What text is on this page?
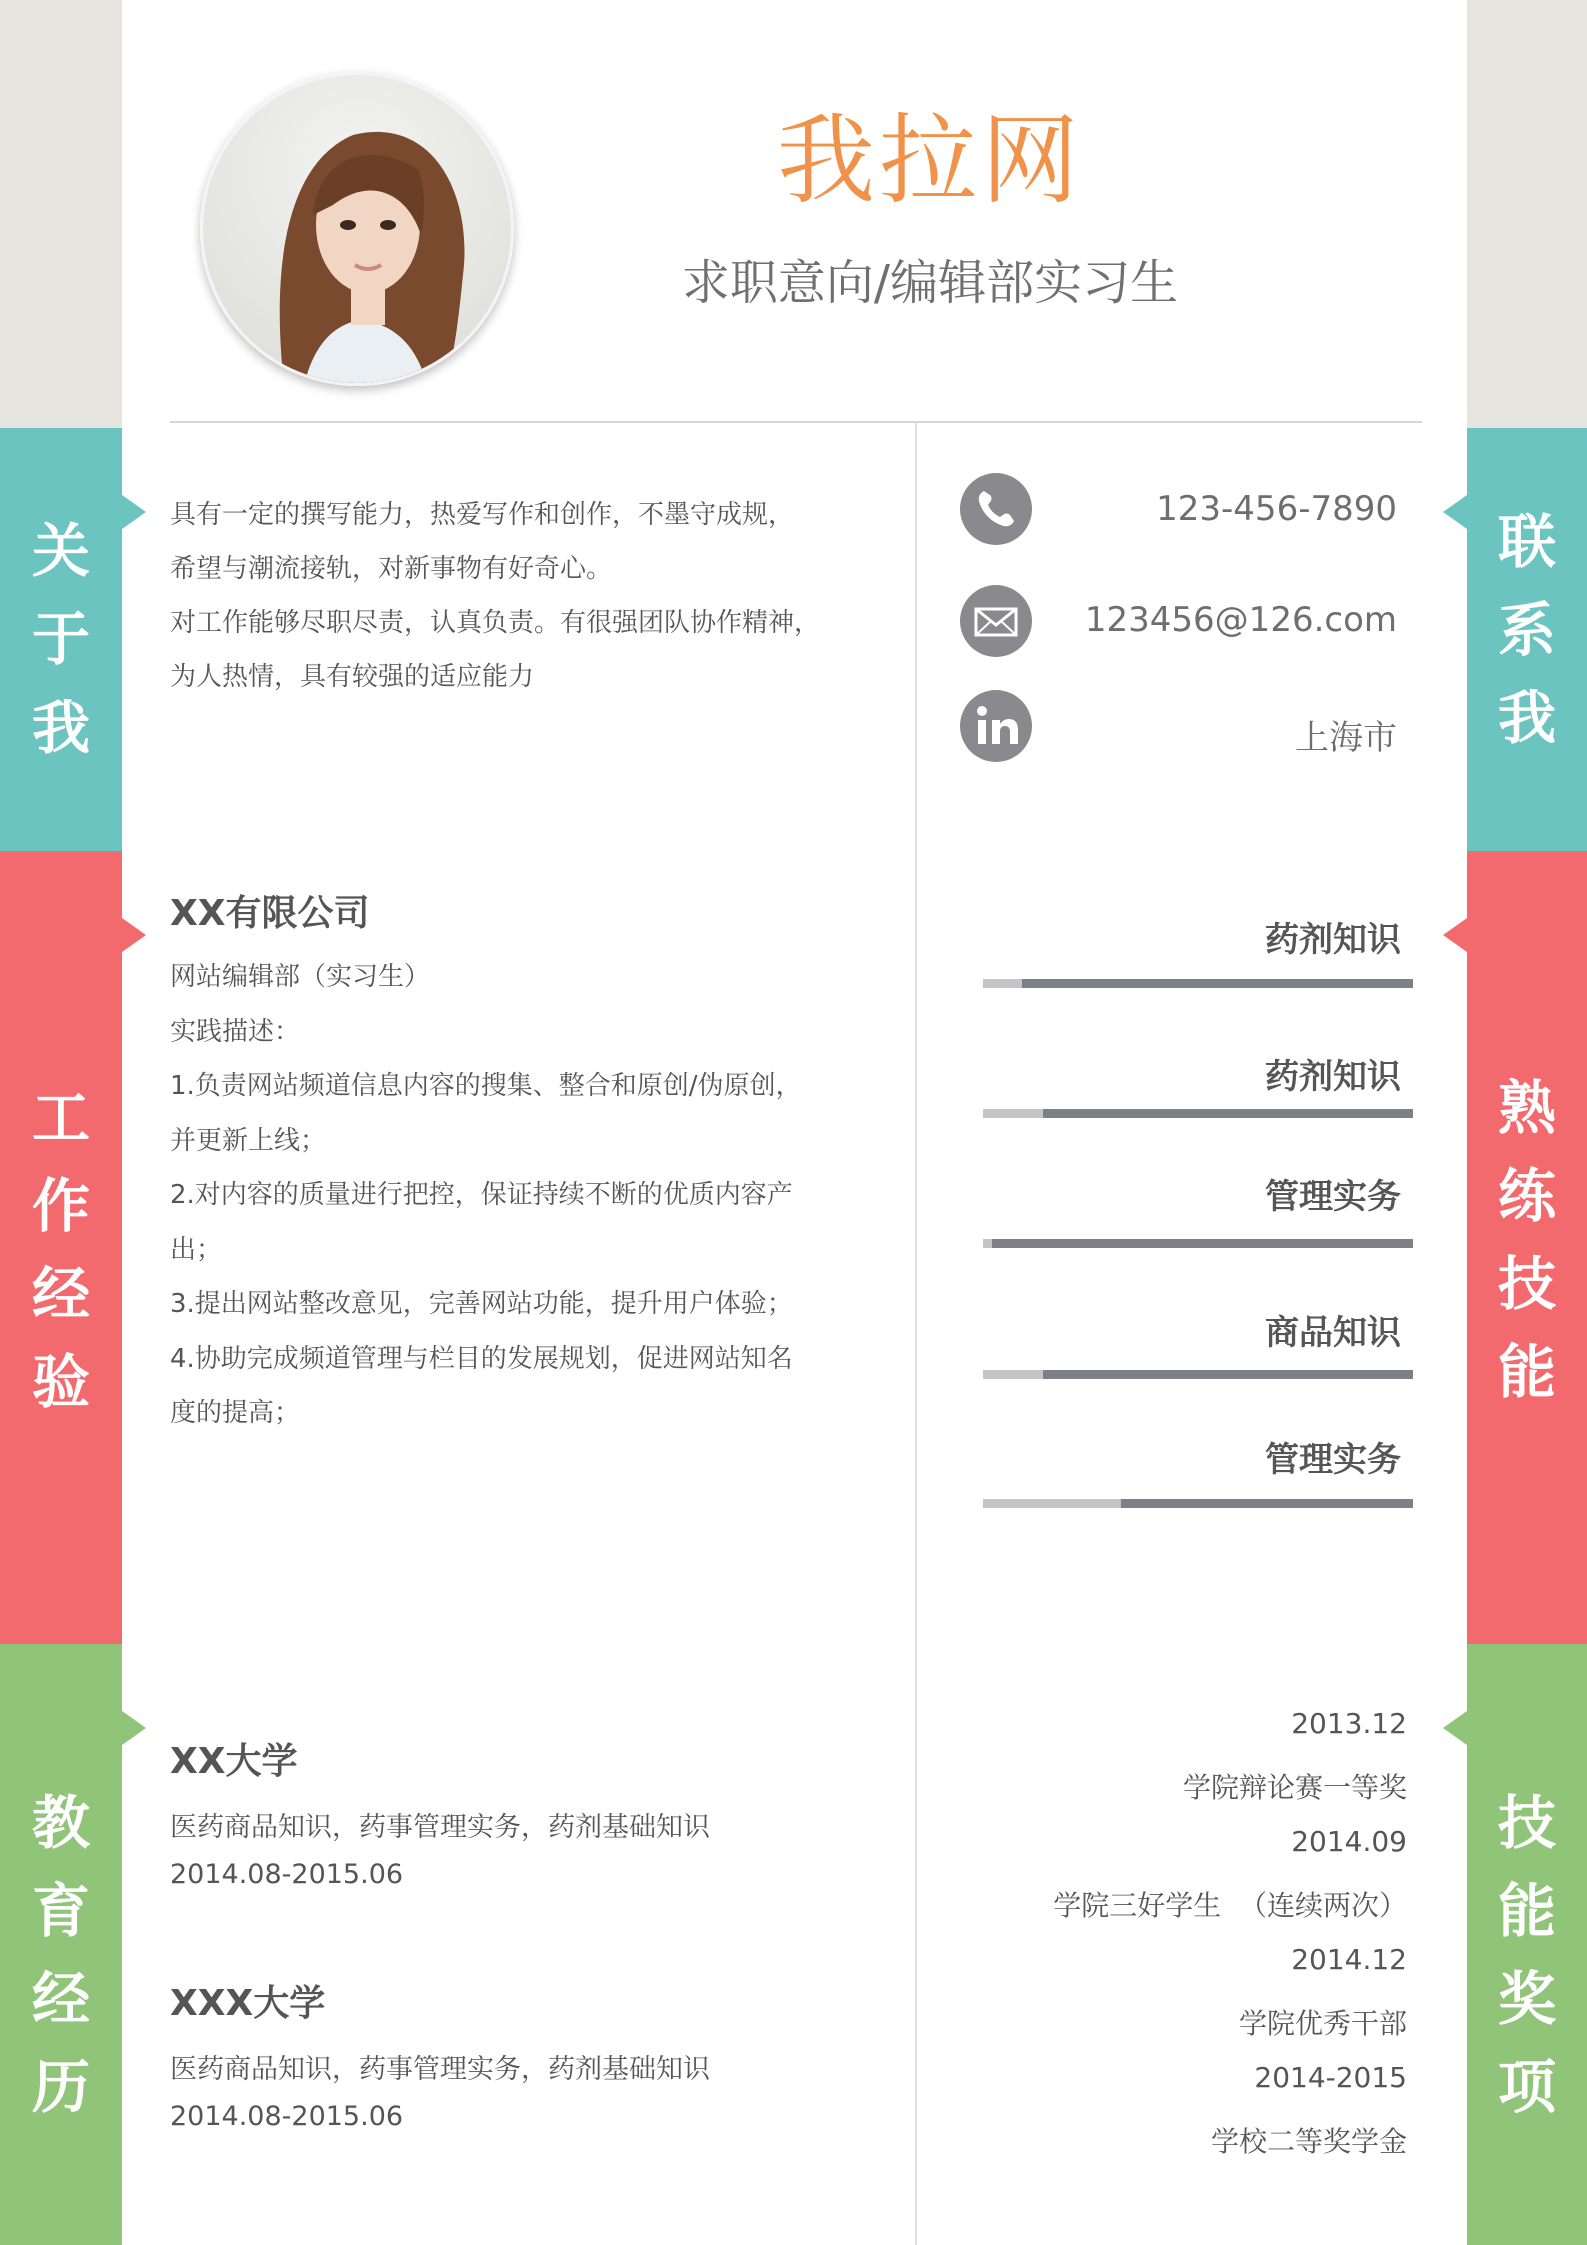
关
于
我
工
作
经
验
教
育
经
历
联
系
我
熟
练
技
能
技
能
奖
项
我拉网
求职意向/编辑部实习生

具有一定的撰写能力，热爱写作和创作，不墨守成规，

希望与潮流接轨，对新事物有好奇心。

对工作能够尽职尽责，认真负责。有很强团队协作精神，

为人热情，具有较强的适应能力

123-456-7890
123456@126.com
上海市
XX有限公司

网站编辑部（实习生）

实践描述：

1.负责网站频道信息内容的搜集、整合和原创/伪原创，

并更新上线；

2.对内容的质量进行把控，保证持续不断的优质内容产

出；

3.提出网站整改意见，完善网站功能，提升用户体验；

4.协助完成频道管理与栏目的发展规划，促进网站知名

度的提高；

药剂知识
药剂知识
管理实务
商品知识
管理实务
XX大学
医药商品知识，药事管理实务，药剂基础知识
2014.08-2015.06
XXX大学
医药商品知识，药事管理实务，药剂基础知识
2014.08-2015.06
2013.12
学院辩论赛一等奖
2014.09
学院三好学生  （连续两次）
2014.12
学院优秀干部
2014-2015
学校二等奖学金
